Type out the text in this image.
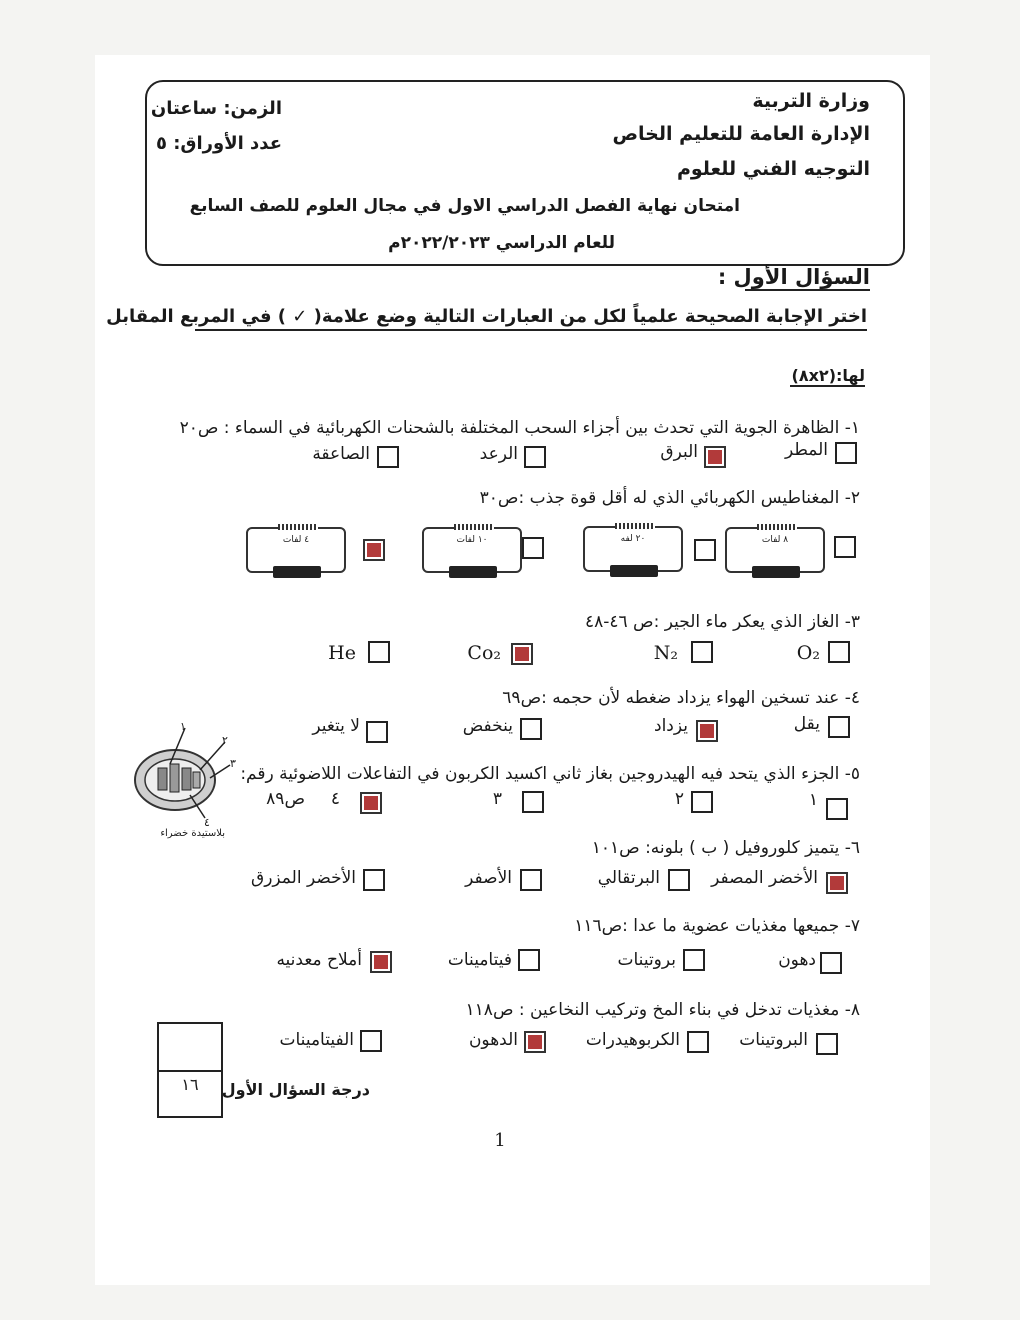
وزارة التربية
الإدارة العامة للتعليم الخاص
التوجيه الفني للعلوم
الزمن: ساعتان
عدد الأوراق: ٥
امتحان نهاية الفصل الدراسي الاول في مجال العلوم للصف السابع
للعام الدراسي ٢٠٢٢/٢٠٢٣م
السؤال الأول :
اختر الإجابة الصحيحة علمياً لكل من العبارات التالية وضع علامة( ✓ ) في المربع المقابل
لها:(٨x٢)
١- الظاهرة الجوية التي تحدث بين أجزاء السحب المختلفة بالشحنات الكهربائية في السماء : ص٢٠
المطر
البرق
الرعد
الصاعقة
٢- المغناطيس الكهربائي الذي له أقل قوة جذب :ص٣٠
٨ لفات
٢٠ لفه
١٠ لفات
٤ لفات
٣- الغاز الذي يعكر ماء الجير :ص ٤٦-٤٨
O₂
N₂
Co₂
He
٤- عند تسخين الهواء يزداد ضغطه لأن حجمه :ص٦٩
يقل
يزداد
ينخفض
لا يتغير
١
٢
٣
٤
بلاستيدة خضراء
٥- الجزء الذي يتحد فيه الهيدروجين بغاز ثاني اكسيد الكربون في التفاعلات اللاضوئية رقم:
١
٢
٣
٤
ص٨٩
٦- يتميز كلوروفيل ( ب ) بلونه: ص١٠١
الأخضر المصفر
البرتقالي
الأصفر
الأخضر المزرق
٧- جميعها مغذيات عضوية ما عدا :ص١١٦
دهون
بروتينات
فيتامينات
أملاح معدنيه
٨- مغذيات تدخل في بناء المخ وتركيب النخاعين : ص١١٨
البروتينات
الكربوهيدرات
الدهون
الفيتامينات
١٦	درجة السؤال الأول
1
